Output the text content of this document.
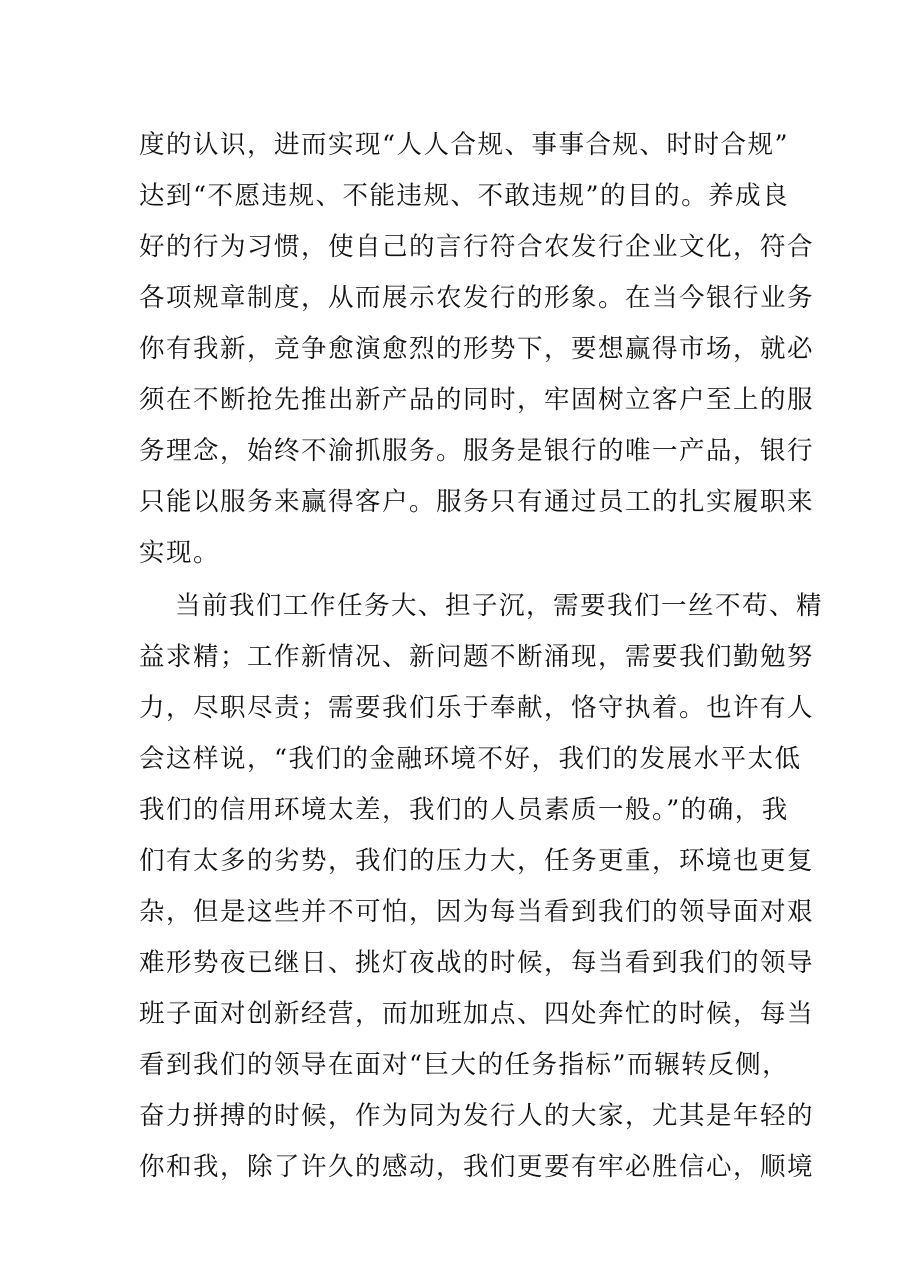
度的认识，进而实现“人人合规、事事合规、时时合规”
达到“不愿违规、不能违规、不敢违规”的目的。养成良
好的行为习惯，使自己的言行符合农发行企业文化，符合
各项规章制度，从而展示农发行的形象。在当今银行业务
你有我新，竞争愈演愈烈的形势下，要想赢得市场，就必
须在不断抢先推出新产品的同时，牢固树立客户至上的服
务理念，始终不渝抓服务。服务是银行的唯一产品，银行
只能以服务来赢得客户。服务只有通过员工的扎实履职来
实现。
当前我们工作任务大、担子沉，需要我们一丝不苟、精
益求精；工作新情况、新问题不断涌现，需要我们勤勉努
力，尽职尽责；需要我们乐于奉献，恪守执着。也许有人
会这样说，“我们的金融环境不好，我们的发展水平太低
我们的信用环境太差，我们的人员素质一般。”的确，我
们有太多的劣势，我们的压力大，任务更重，环境也更复
杂，但是这些并不可怕，因为每当看到我们的领导面对艰
难形势夜已继日、挑灯夜战的时候，每当看到我们的领导
班子面对创新经营，而加班加点、四处奔忙的时候，每当
看到我们的领导在面对“巨大的任务指标”而辗转反侧，
奋力拼搏的时候，作为同为发行人的大家，尤其是年轻的
你和我，除了许久的感动，我们更要有牢必胜信心，顺境
